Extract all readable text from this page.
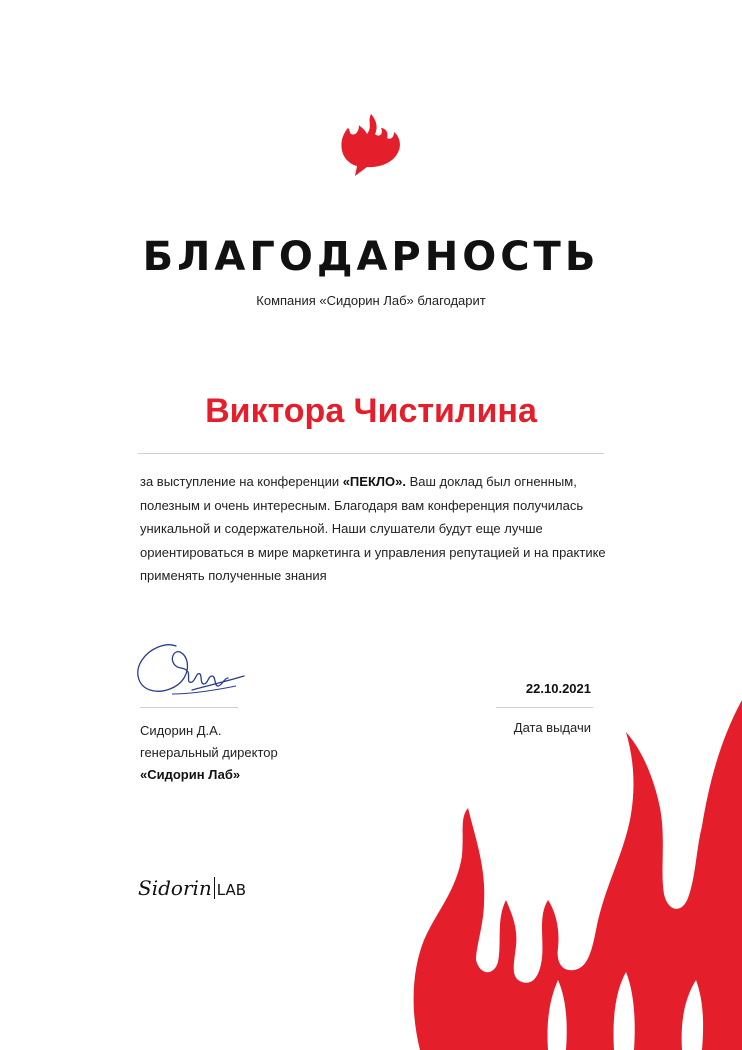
БЛАГОДАРНОСТЬ
Компания «Сидорин Лаб» благодарит
Виктора Чистилина
за выступление на конференции «ПЕКЛО». Ваш доклад был огненным, полезным и очень интересным. Благодаря вам конференция получилась уникальной и содержательной. Наши слушатели будут еще лучше ориентироваться в мире маркетинга и управления репутацией и на практике применять полученные знания
Сидорин Д.А.
генеральный директор
«Сидорин Лаб»
22.10.2021
Дата выдачи
Sidorin LAB
